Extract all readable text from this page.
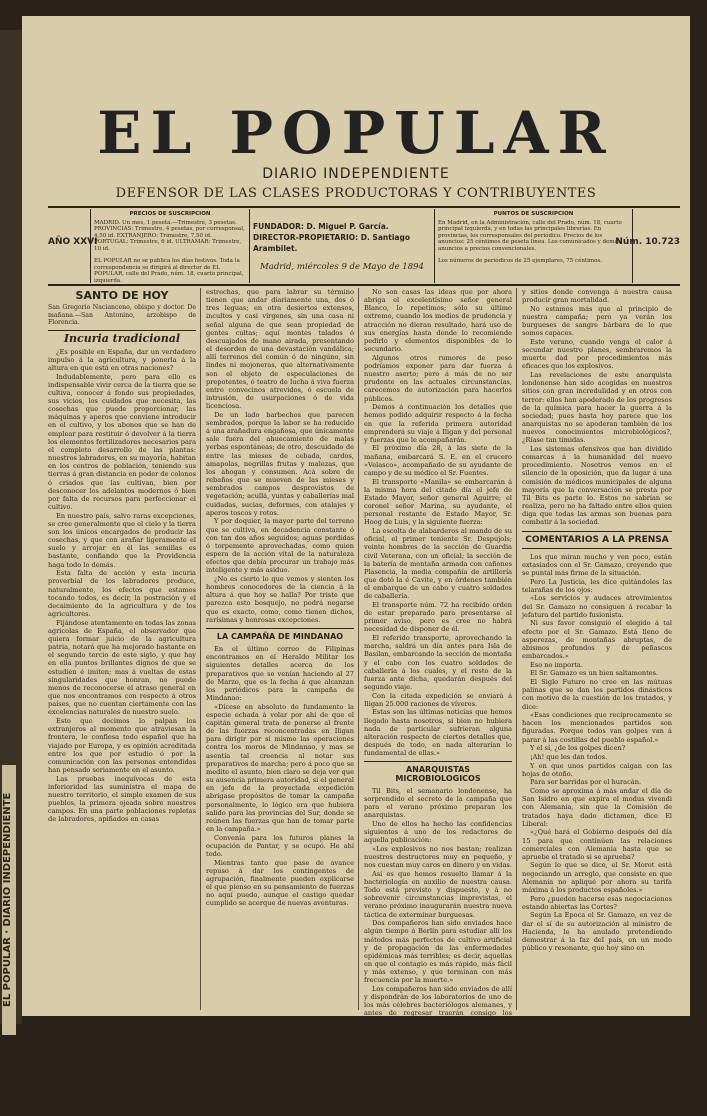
EL POPULAR · DIARIO INDEPENDIENTE
EL POPULAR
DIARIO INDEPENDIENTE
DEFENSOR DE LAS CLASES PRODUCTORAS Y CONTRIBUYENTES
AÑO XXVI
PRECIOS DE SUSCRIPCION
MADRID. Un mes, 1 peseta.—Trimestre, 3 pesetas. PROVINCIAS: Trimestre, 4 pesetas, por corresponsal, 4,50 id. EXTRANJERO: Trimestre, 7,50 id. PORTUGAL: Trimestre, 6 id. ULTRAMAR: Trimestre, 10 id.
EL POPULAR no se publica los días festivos. Toda la correspondencia se dirigirá al director de EL POPULAR, calle del Prado, núm. 18, cuarto principal, izquierda.
FUNDADOR: D. Miguel P. García.
DIRECTOR-PROPIETARIO: D. Santiago Arambilet.
Madrid, miércoles 9 de Mayo de 1894
PUNTOS DE SUSCRIPCION
En Madrid, en la Administración, calle del Prado, núm. 18, cuarto principal izquierda, y en todas las principales librerías. En provincias, los corresponsales del periódico. Precios de los anuncios: 25 céntimos de peseta línea. Los comunicados y demás anuncios a precios convencionales.
Los números de periódicos de 25 ejemplares, 75 céntimos.
Núm. 10.723
SANTO DE HOY
San Gregorio Nacianceno, obispo y doctor. De mañana.—San Antonino, arzobispo de Florencia.
Incuria tradicional

¿Es posible en España, dar un verdadero impulso á la agricultura, y ponerla á la altura en que está en otras naciones?

Indudablemente, pero para ello es indispensable vivir cerca de la tierra que se cultiva, conocer á fondo sus propiedades, sus vicios, los cuidados que necesita, las cosechas que puede proporcionar, las máquinas y aperos que conviene introducir en el cultivo, y los abonos que se han de emplear para restituir ó devolver á la tierra los elementos fertilizadores necesarios para el completo desarrollo de las plantas: nuestros labradores, en su mayoría, habitan en los centros de población, teniendo sus tierras á gran distancia en poder de colonos ó criados que las cultivan, bien por desconocer los adelantos modernos ó bien por falta de recursos para perfeccionar el cultivo.

En nuestro país, salvo raras excepciones, se cree generalmente que el cielo y la tierra son los únicos encargados de producir las cosechas, y que con arañar ligeramente el suelo y arrojar en él las semillas es bastante, confiando que la Providencia haga todo lo demás.

Esta falta de acción y esta incuria proverbial de los labradores produce, naturalmente, los efectos que estamos tocando todos, es decir, la postración y el decaimiento de la agricultura y de los agricultores.

Fijándose atentamente en todas las zonas agrícolas de España, el observador que quiera formar juicio de la agricultura patria, notará que ha mejorado bastante en el segundo tercio de este siglo, y que hay en ella puntos brillantes dignos de que se estudien é imiten; mas á vueltas de estas singularidades que honran, no puede menos de reconocerse el atraso general en que nos encontramos con respecto á otros países, que no cuentan ciertamente con las excelencias naturales de nuestro suelo.

Esto que decimos lo palpan los extranjeros al momento que atraviesan la frontera, lo confiesa todo español que ha viajado por Europa, y es opinión acreditada entre los que por estudio ó por la comunicación con las personas entendidas han pensado seriamente en el asunto.

Las pruebas inequívocas de esta inferioridad las suministra el mapa de nuestro territorio, el simple examen de sus pueblos, la primera ojeada sobre nuestros campos. En una parte poblaciones repletas de labradores, apiñados en casas

estrechas, que para labrar su término tienen que andar diariamente una, dos ó tres leguas; en otra desiertos extensos, incultos y casi vírgenes, sin una casa ni señal alguna de que sean propiedad de gentes cultas; aquí montes talados ó descuajados de mano airada, presentando el desorden de una devastación vandálica; allí terrenos del común ó de ningúno, sin lindes ni mojoneras, que alternativamente son el objeto de especulaciones de prepotentes, ó teatro de lucha á viva fuerza entre convecinos atrevidos, ó escuela de intrusión, de usurpaciones ó de vida licenciosa.

De un lado barbechos que parecen sembrados, porque la labor se ha reducido á una arañadura engañosa, que únicamente sale fuera del ahuecamiento de malas yerbas espontáneas; de otro, descuidado de entre las mieses de cebada, cardos, amapolas, negrillas frutas y malezas, que los ahogan y consumen. Acá sobre de rebaños que se mueven de las mieses y sembrados campos desprovistos de vegetación; acullá, yuntas y caballerías mal cuidadas, sucias, deformes, con atalajes y aperos toscos y rotos.

Y por doquier, la mayor parte del terreno que se cultiva, en decadencia constante ó con tan dos años seguidos; aguas perdidas ó torpemente aprovechadas, como quien espera de la acción vital de la naturaleza efectos que debía procurar un trabajo más inteligente y más asiduo.

¿No es cierto lo que vemos y sienten los hombres conocedores de la ciencia á la altura á que hoy se halla? Por triste que parezca esto bosquejo, no podrá negarse que es exacto, como, como tienen dichos, rarísimas y honrosas excepciones.

LA CAMPAÑA DE MINDANAO

En el último correo de Filipinas encontramos en el Heraldo Militar los siguientes detalles acerca de los preparativos que se venían haciendo al 27 de Marzo, que es la fecha á que alcanzan los periódicos para la campaña de Mindanao:

«Dícese en absoluto de fundamento la especie echada á volar por ahí de que el capitán general trata de ponerse al frente de las fuerzas reconcentradas en Iligan para dirigir por sí mismo las operaciones contra los moros de Mindanao, y mas se asentía tal creencia al notar sus preparativos de marcha; pero á poco que se medite el asunto, bien claro se deja ver que su ausencia primera autoridad, si el general en jefe de la proyectada expedición abrigase propósitos de tomar la campaña personalmente, lo lógico era que hubiera salido para las provincias del Sur, donde se reúnen las fuerzas que han de tomar parte en la campaña.»

Convenía para los futuros planes la ocupación de Pantar, y se ocupó. He ahí todo.

Mientras tanto que pase de avance repuso á dar los contingentes de agrupación, finalmente pueden explicarse el que pienso en su pensamiento de fuerzas no aquí puedo, aunque el castigo quedar cumplido se acerque de nuevas aventuras.

No son casas las ideas que por ahora abriga el excelentísimo señor general Blanco, lo repetimos; sólo su último extremo, cuando los medios de prudencia y atracción no dieran resultado, hará uso de sus energías hasta donde lo recomiende pedirlo y elementos disponibles de lo secundario.

Algunos otros rumores de peso podríamos exponer para dar fuerza á nuestro aserto; pero á más de no ser prudente en las actuales circunstancias, carecemos de autorización para hacerlos públicos.

Demos á continuación los detalles que hemos podido adquirir respecto á la fecha en que la referida primera autoridad emprenderá su viaje á Iligan y del personal y fuerzas que le acompañarán.

El próximo día 28, á las siete de la mañana, embarcará S. E. en el crucero «Velasco», acompañado de su ayudante de campo y de su médico el Sr. Fuentes.

El transporte «Manila» se embarcarán á la misma hora del citado día el jefe de Estado Mayor, señor general Aguirre; el coronel señor Marina, su ayudante, el personal restante de Estado Mayor, Sr. Hoog de Luis, y la siguiente fuerza:

La escolta de alabarderos al mando de su oficial, el primer teniente Sr. Despujols; veinte hombres de la sección de Guardia civil Veterana, con un oficial; la sección de la batería de montaña armada con cañones Plasencia, la media compañía de artillería que dotó la é Cavite, y en órdenes también el embarque de un cabo y cuatro soldados de caballería.

El transporte núm. 72 ha recibido orden de estar preparado para presentarse al primer aviso, pero es cree no habrá necesidad de disponer de él.

El referido transporte, aprovechando la marcha, saldrá un día antes para Isla de Basilan, embarcando la sección de montaña y el cabo con los cuatro soldados de caballería á los cuales, y el resto de la fuerza ante dicha, quedarán después del segundo viaje.

Con la citada expedición se enviará á Iligan 25.000 raciones de víveres.

Estas son las últimas noticias que hemos llegado hasta nosotros, si bien no hubiera nada de particular sufrieran alguna alteración respecto de ciertos detalles que, después de todo, en nada alterarían lo fundamental de ellas.»

ANARQUISTAS MICROBIOLOGICOS

Til Bits, el semanario londonense, ha sorprendido el secreto de la campaña que para el verano próximo preparan los anarquistas.

Uno de ellos ha hecho las confidencias siguientes á uno de los redactores de aquella publicación:

«Los explosivos no nos bastan; realizan nuestros destructores muy en pequeño, y nos cuestan muy caros en dinero y en vidas.

Así es que hemos resuelto llamar á la bacteriología en auxilio de nuestra causa. Todo está previsto y dispuesto, y á no sobrevenir circunstancias imprevistas, el verano próximo inaugurarán nuestra nueva táctica de exterminar burguesas.

Dos compañeros han sido enviados hace algún tiempo á Berlín para estudiar allí los métodos más perfectos de cultivo artificial y de propagación de las enfermedades epidémicas más terribles; es decir, aquellas en que el contagio es más rápido, más fácil y más extenso, y que terminan con más frecuencia por la muerte.»

Los compañeros han sido enviados de allí y dispondrán de los laboratorios de uno de los más célebres bacteriólogos alemanes, y antes de regresar traerán consigo los estudios principales que existen en los mismos de microbios que producen el tifus, la viruela y el cólera.

Sus perjuicios de lo que logran estos centenadores nosotros, que puede ser mucho, estamos dispuestos á extender nuestro saber en favor de la campaña bacteriológica, haciendo que de los centros de infección de los que pueda haber en la corte con novios ropas compradas en los depósitos de los enfermos, con objeto de repartirlos nosotros en aquellos barrios

y sitios donde convenga á nuestra causa producir gran mortalidad.

No estamos más que al principio de nuestra campaña; pero ya verán los burgueses de sangre bárbara de lo que somos capaces.

Este verano, cuando venga el calor á secundar nuestro planes, sembraremos la muerte dad por procedimientos más eficaces que los explosivos.

Las revelaciones de este anarquista londonense han sido acogidas en nuestros sitios con gran incredulidad y en otros con terror: ellos han apoderado de los progresos de la química para hacer la guerra á la sociedad; pues hasta hoy parece que los anarquistas no se apoderan también de los nuevos conocimientos microbiológicos?, ¿Ríase tan tímidas.

Los sistemas ofensivos que han dividido comarcas á la humanidad del nuevo procedimiento. Nosotros vemos en el silencio de la oposición, que da lugar á una comisión de médicos municipales de alguna mayoría que la conversación se presta por Til Bits es parte lo. Estos no sabrían se realiza, pero no ha faltado entre ellos quien diga que todas las armas son buenas para combatir á la sociedad.

COMENTARIOS A LA PRENSA

Los que miran mucho y ven poco, están extasiados con el Sr. Gamazo, creyendo que se puntal más firme de la situación.

Pero La Justicia, les dice quitándoles las telarañas de los ojos:

«Los servicios y audaces atrevimientos del Sr. Gamazo no consiguen á recabar la jefatura del partido fusionista.

Ni sus favor consiguió el elegido á tal efecto por el Sr. Gamazo. Está lleno de asperezas, de montañas abruptas, de abismos profundos y de peñascos embarcados.»

Eso no importa.

El Sr. Gamazo es un bien saltamontes.

El Siglo Futuro no cree en las mútuas palinas que se dan los partidos dinásticos con motivo de la cuestión de los tratados, y dice:

«Esas condiciones que recíprocamente se hacen los mencionados partidos son figuradas. Porque todos van golpes van á parar á las costillas del pueblo español.»

Y el sí, ¿de los golpes dicen?

¡Ah! que les dan todos.

Y en que unos partidos caigan con las hojas de otoño.

Para ser barridas por el huracán.

Como se aproxima á más andar el día de San Isidro en que expira el modus vivendi con Alemania, sin que la Comisión de tratados haya dado dictamen, dice El Liberal:

«¿Qué hará el Gobierno después del día 15 para que continúen las relaciones comerciales con Alemania hasta que se apruebe el tratado si se aprueba?

Según lo que se dice, el Sr. Moret está negociando un arreglo, que consiste en que Alemania no apliqué por ahora su tarifa máxima á los productos españoles.»

Pero ¿pueden hacerse esas negociaciones estando abiertas las Cortes?

Según La Epoca el Sr. Gamazo, en vez de dar el sí de su autorización al ministro de Hacienda, le ha anulado pretendiendo demostrar á la faz del país, en un modo público y resonante, que hoy sino en
